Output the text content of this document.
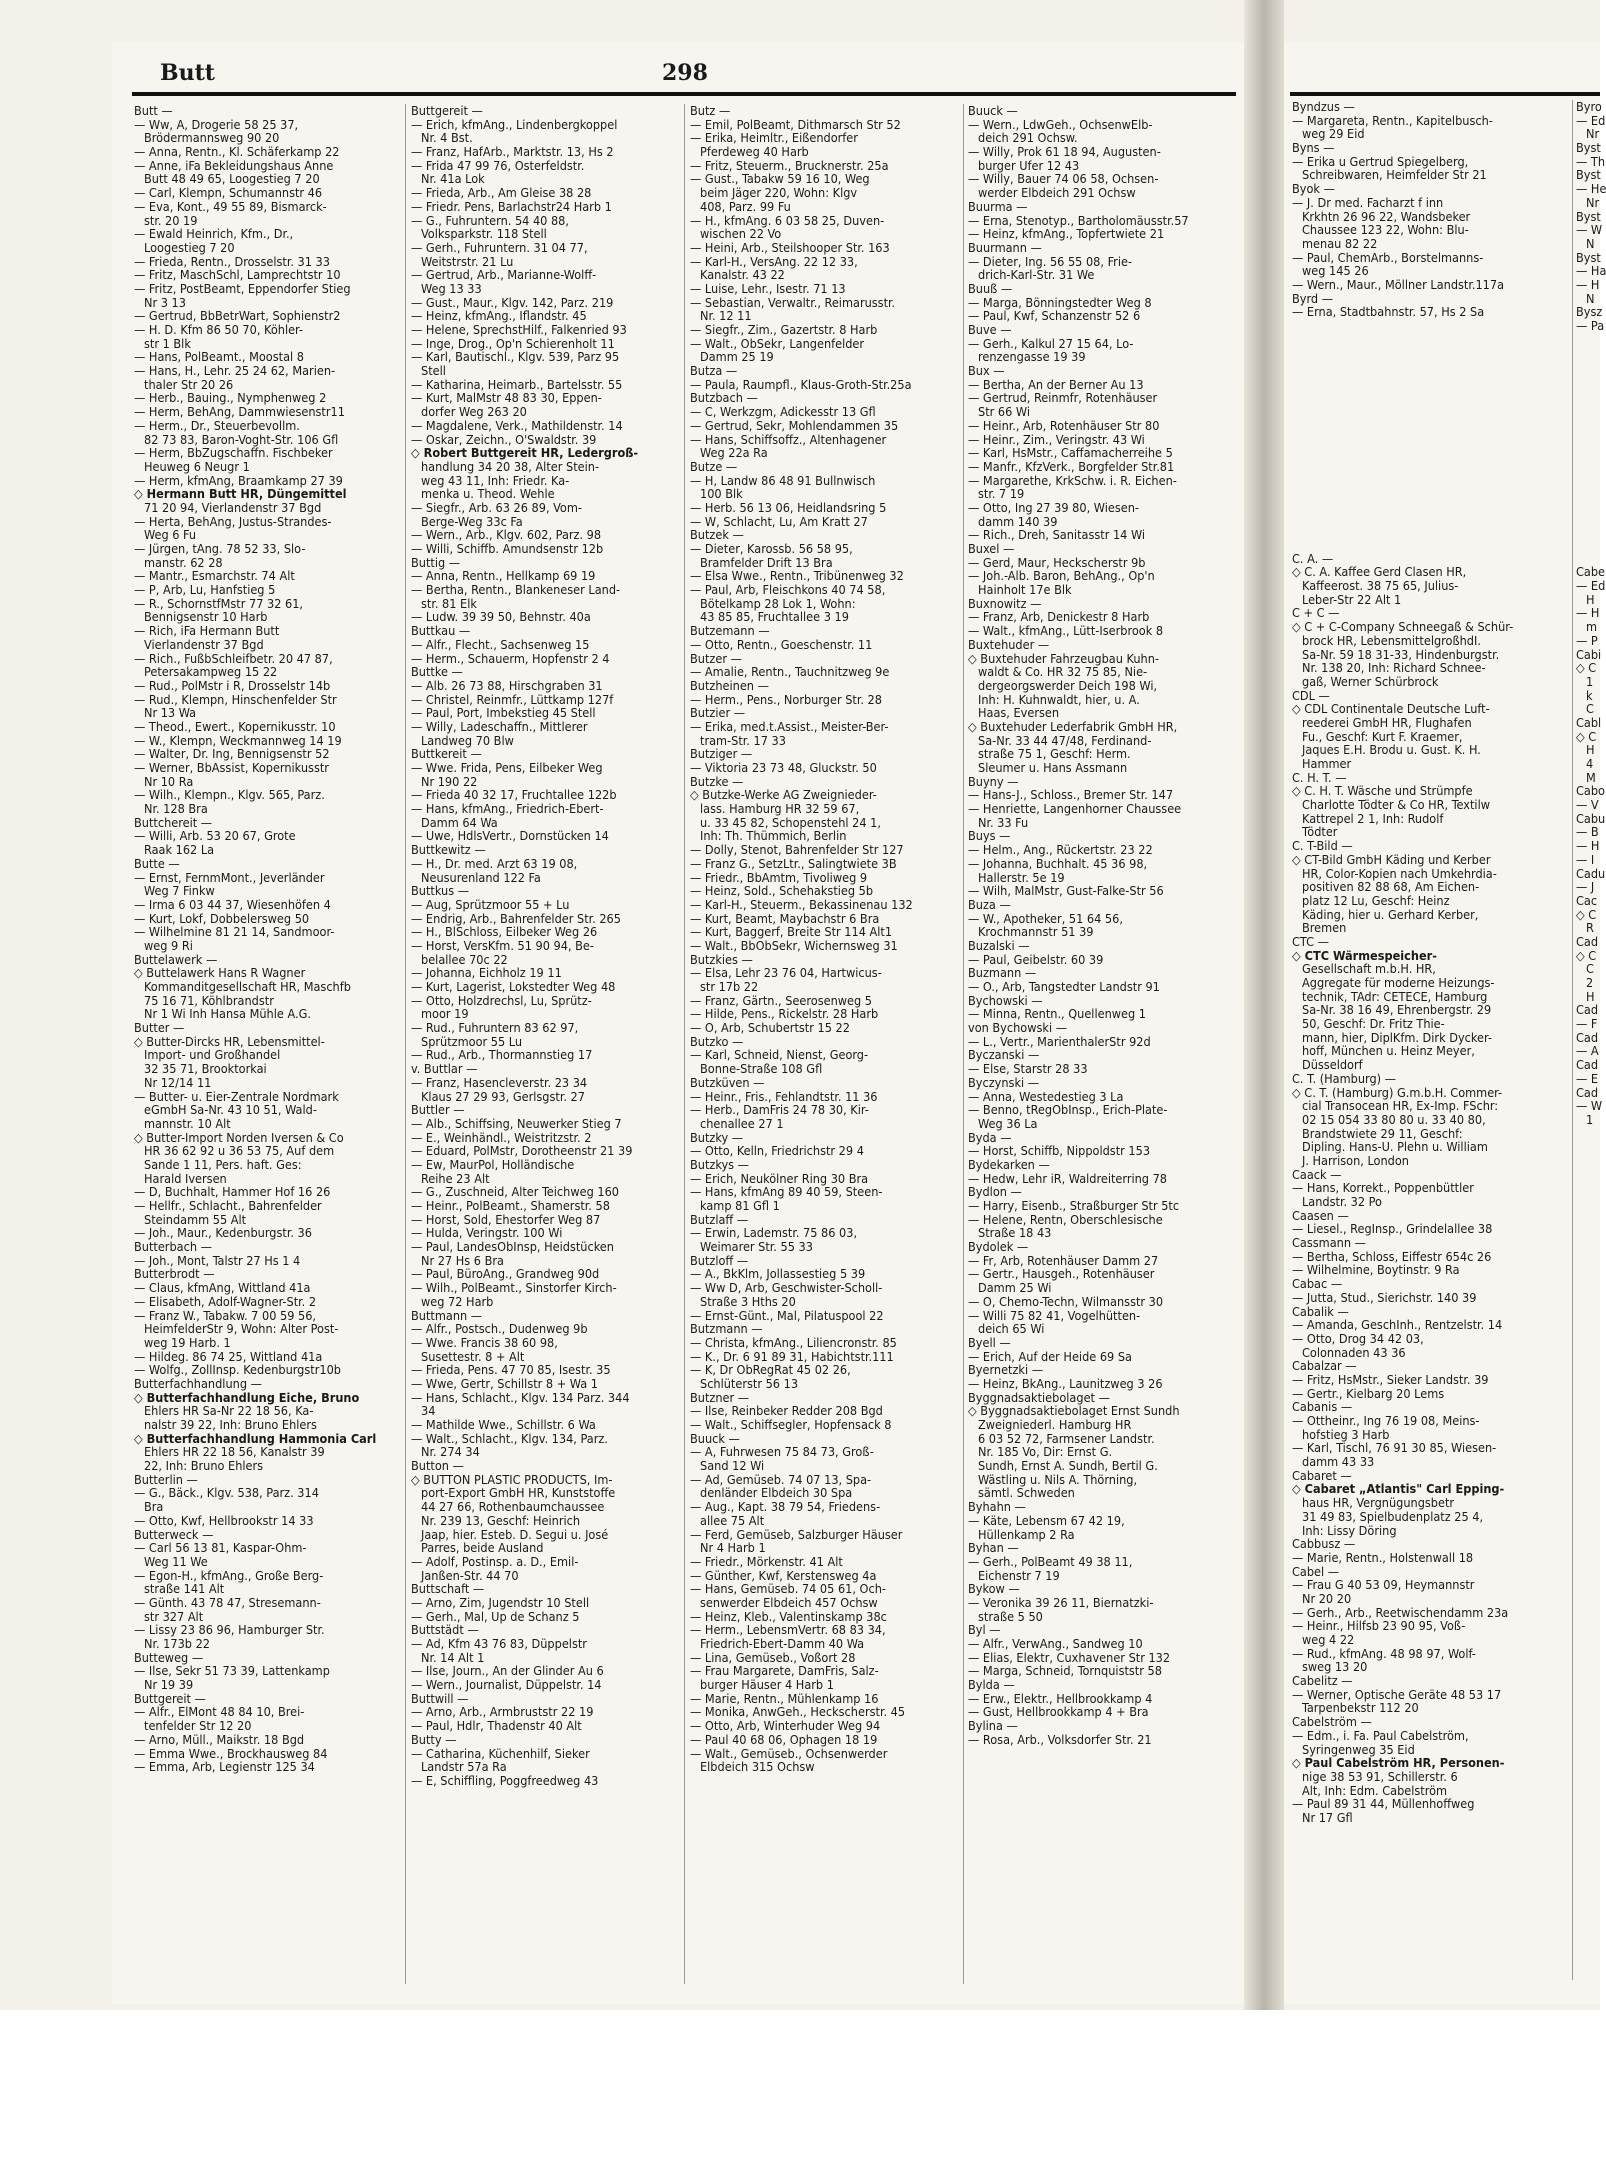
Butt	298
Butt —
— Ww, A, Drogerie 58 25 37,
Brödermannsweg 90 20
— Anna, Rentn., Kl. Schäferkamp 22
— Anne, iFa Bekleidungshaus Anne
Butt 48 49 65, Loogestieg 7 20
— Carl, Klempn, Schumannstr 46
— Eva, Kont., 49 55 89, Bismarck-
str. 20 19
— Ewald Heinrich, Kfm., Dr.,
Loogestieg 7 20
— Frieda, Rentn., Drosselstr. 31 33
— Fritz, MaschSchl, Lamprechtstr 10
— Fritz, PostBeamt, Eppendorfer Stieg
Nr 3 13
— Gertrud, BbBetrWart, Sophienstr2
— H. D. Kfm 86 50 70, Köhler-
str 1 Blk
— Hans, PolBeamt., Moostal 8
— Hans, H., Lehr. 25 24 62, Marien-
thaler Str 20 26
— Herb., Bauing., Nymphenweg 2
— Herm, BehAng, Dammwiesenstr11
— Herm., Dr., Steuerbevollm.
82 73 83, Baron-Voght-Str. 106 Gfl
— Herm, BbZugschaffn. Fischbeker
Heuweg 6 Neugr 1
— Herm, kfmAng, Braamkamp 27 39
◇ Hermann Butt HR, Düngemittel
71 20 94, Vierlandenstr 37 Bgd
— Herta, BehAng, Justus-Strandes-
Weg 6 Fu
— Jürgen, tAng. 78 52 33, Slo-
manstr. 62 28
— Mantr., Esmarchstr. 74 Alt
— P, Arb, Lu, Hanfstieg 5
— R., SchornstfMstr 77 32 61,
Bennigsenstr 10 Harb
— Rich, iFa Hermann Butt
Vierlandenstr 37 Bgd
— Rich., FußbSchleifbetr. 20 47 87,
Petersakampweg 15 22
— Rud., PolMstr i R, Drosselstr 14b
— Rud., Klempn, Hinschenfelder Str
Nr 13 Wa
— Theod., Ewert., Kopernikusstr. 10
— W., Klempn, Weckmannweg 14 19
— Walter, Dr. Ing, Bennigsenstr 52
— Werner, BbAssist, Kopernikusstr
Nr 10 Ra
— Wilh., Klempn., Klgv. 565, Parz.
Nr. 128 Bra
Buttchereit —
— Willi, Arb. 53 20 67, Grote
Raak 162 La
Butte —
— Ernst, FernmMont., Jeverländer
Weg 7 Finkw
— Irma 6 03 44 37, Wiesenhöfen 4
— Kurt, Lokf, Dobbelersweg 50
— Wilhelmine 81 21 14, Sandmoor-
weg 9 Ri
Buttelawerk —
◇ Buttelawerk Hans R Wagner
Kommanditgesellschaft HR, Maschfb
75 16 71, Köhlbrandstr
Nr 1 Wi Inh Hansa Mühle A.G.
Butter —
◇ Butter-Dircks HR, Lebensmittel-
Import- und Großhandel
32 35 71, Brooktorkai
Nr 12/14 11
— Butter- u. Eier-Zentrale Nordmark
eGmbH Sa-Nr. 43 10 51, Wald-
mannstr. 10 Alt
◇ Butter-Import Norden Iversen & Co
HR 36 62 92 u 36 53 75, Auf dem
Sande 1 11, Pers. haft. Ges:
Harald Iversen
— D, Buchhalt, Hammer Hof 16 26
— Hellfr., Schlacht., Bahrenfelder
Steindamm 55 Alt
— Joh., Maur., Kedenburgstr. 36
Butterbach —
— Joh., Mont, Talstr 27 Hs 1 4
Butterbrodt —
— Claus, kfmAng, Wittland 41a
— Elisabeth, Adolf-Wagner-Str. 2
— Franz W., Tabakw. 7 00 59 56,
HeimfelderStr 9, Wohn: Alter Post-
weg 19 Harb. 1
— Hildeg. 86 74 25, Wittland 41a
— Wolfg., ZollInsp. Kedenburgstr10b
Butterfachhandlung —
◇ Butterfachhandlung Eiche, Bruno
Ehlers HR Sa-Nr 22 18 56, Ka-
nalstr 39 22, Inh: Bruno Ehlers
◇ Butterfachhandlung Hammonia Carl
Ehlers HR 22 18 56, Kanalstr 39
22, Inh: Bruno Ehlers
Butterlin —
— G., Bäck., Klgv. 538, Parz. 314
Bra
— Otto, Kwf, Hellbrookstr 14 33
Butterweck —
— Carl 56 13 81, Kaspar-Ohm-
Weg 11 We
— Egon-H., kfmAng., Große Berg-
straße 141 Alt
— Günth. 43 78 47, Stresemann-
str 327 Alt
— Lissy 23 86 96, Hamburger Str.
Nr. 173b 22
Butteweg —
— Ilse, Sekr 51 73 39, Lattenkamp
Nr 19 39
Buttgereit —
— Alfr., ElMont 48 84 10, Brei-
tenfelder Str 12 20
— Arno, Müll., Maikstr. 18 Bgd
— Emma Wwe., Brockhausweg 84
— Emma, Arb, Legienstr 125 34
Buttgereit —
— Erich, kfmAng., Lindenbergkoppel
Nr. 4 Bst.
— Franz, HafArb., Marktstr. 13, Hs 2
— Frida 47 99 76, Osterfeldstr.
Nr. 41a Lok
— Frieda, Arb., Am Gleise 38 28
— Friedr. Pens, Barlachstr24 Harb 1
— G., Fuhruntern. 54 40 88,
Volksparkstr. 118 Stell
— Gerh., Fuhruntern. 31 04 77,
Weitstrstr. 21 Lu
— Gertrud, Arb., Marianne-Wolff-
Weg 13 33
— Gust., Maur., Klgv. 142, Parz. 219
— Heinz, kfmAng., Iflandstr. 45
— Helene, SprechstHilf., Falkenried 93
— Inge, Drog., Op'n Schierenholt 11
— Karl, Bautischl., Klgv. 539, Parz 95
Stell
— Katharina, Heimarb., Bartelsstr. 55
— Kurt, MalMstr 48 83 30, Eppen-
dorfer Weg 263 20
— Magdalene, Verk., Mathildenstr. 14
— Oskar, Zeichn., O'Swaldstr. 39
◇ Robert Buttgereit HR, Ledergroß-
handlung 34 20 38, Alter Stein-
weg 43 11, Inh: Friedr. Ka-
menka u. Theod. Wehle
— Siegfr., Arb. 63 26 89, Vom-
Berge-Weg 33c Fa
— Wern., Arb., Klgv. 602, Parz. 98
— Willi, Schiffb. Amundsenstr 12b
Buttig —
— Anna, Rentn., Hellkamp 69 19
— Bertha, Rentn., Blankeneser Land-
str. 81 Elk
— Ludw. 39 39 50, Behnstr. 40a
Buttkau —
— Alfr., Flecht., Sachsenweg 15
— Herm., Schauerm, Hopfenstr 2 4
Buttke —
— Alb. 26 73 88, Hirschgraben 31
— Christel, Reinmfr., Lüttkamp 127f
— Paul, Port, Imbekstieg 45 Stell
— Willy, Ladeschaffn., Mittlerer
Landweg 70 Blw
Buttkereit —
— Wwe. Frida, Pens, Eilbeker Weg
Nr 190 22
— Frieda 40 32 17, Fruchtallee 122b
— Hans, kfmAng., Friedrich-Ebert-
Damm 64 Wa
— Uwe, HdlsVertr., Dornstücken 14
Buttkewitz —
— H., Dr. med. Arzt 63 19 08,
Neusurenland 122 Fa
Buttkus —
— Aug, Sprützmoor 55 + Lu
— Endrig, Arb., Bahrenfelder Str. 265
— H., BlSchloss, Eilbeker Weg 26
— Horst, VersKfm. 51 90 94, Be-
belallee 70c 22
— Johanna, Eichholz 19 11
— Kurt, Lagerist, Lokstedter Weg 48
— Otto, Holzdrechsl, Lu, Sprütz-
moor 19
— Rud., Fuhruntern 83 62 97,
Sprützmoor 55 Lu
— Rud., Arb., Thormannstieg 17
v. Buttlar —
— Franz, Hasencleverstr. 23 34
Klaus 27 29 93, Gerlsgstr. 27
Buttler —
— Alb., Schiffsing, Neuwerker Stieg 7
— E., Weinhändl., Weistritzstr. 2
— Eduard, PolMstr, Dorotheenstr 21 39
— Ew, MaurPol, Holländische
Reihe 23 Alt
— G., Zuschneid, Alter Teichweg 160
— Heinr., PolBeamt., Shamerstr. 58
— Horst, Sold, Ehestorfer Weg 87
— Hulda, Veringstr. 100 Wi
— Paul, LandesObInsp, Heidstücken
Nr 27 Hs 6 Bra
— Paul, BüroAng., Grandweg 90d
— Wilh., PolBeamt., Sinstorfer Kirch-
weg 72 Harb
Buttmann —
— Alfr., Postsch., Dudenweg 9b
— Wwe. Francis 38 60 98,
Susettestr. 8 + Alt
— Frieda, Pens. 47 70 85, Isestr. 35
— Wwe, Gertr, Schillstr 8 + Wa 1
— Hans, Schlacht., Klgv. 134 Parz. 344
34
— Mathilde Wwe., Schillstr. 6 Wa
— Walt., Schlacht., Klgv. 134, Parz.
Nr. 274 34
Button —
◇ BUTTON PLASTIC PRODUCTS, Im-
port-Export GmbH HR, Kunststoffe
44 27 66, Rothenbaumchaussee
Nr. 239 13, Geschf: Heinrich
Jaap, hier. Esteb. D. Segui u. José
Parres, beide Ausland
— Adolf, Postinsp. a. D., Emil-
Janßen-Str. 44 70
Buttschaft —
— Arno, Zim, Jugendstr 10 Stell
— Gerh., Mal, Up de Schanz 5
Buttstädt —
— Ad, Kfm 43 76 83, Düppelstr
Nr. 14 Alt 1
— Ilse, Journ., An der Glinder Au 6
— Wern., Journalist, Düppelstr. 14
Buttwill —
— Arno, Arb., Armbruststr 22 19
— Paul, Hdlr, Thadenstr 40 Alt
Butty —
— Catharina, Küchenhilf, Sieker
Landstr 57a Ra
— E, Schiffling, Poggfreedweg 43
Butz —
— Emil, PolBeamt, Dithmarsch Str 52
— Erika, Heimltr., Eißendorfer
Pferdeweg 40 Harb
— Fritz, Steuerm., Brucknerstr. 25a
— Gust., Tabakw 59 16 10, Weg
beim Jäger 220, Wohn: Klgv
408, Parz. 99 Fu
— H., kfmAng. 6 03 58 25, Duven-
wischen 22 Vo
— Heini, Arb., Steilshooper Str. 163
— Karl-H., VersAng. 22 12 33,
Kanalstr. 43 22
— Luise, Lehr., Isestr. 71 13
— Sebastian, Verwaltr., Reimarusstr.
Nr. 12 11
— Siegfr., Zim., Gazertstr. 8 Harb
— Walt., ObSekr, Langenfelder
Damm 25 19
Butza —
— Paula, Raumpfl., Klaus-Groth-Str.25a
Butzbach —
— C, Werkzgm, Adickesstr 13 Gfl
— Gertrud, Sekr, Mohlendammen 35
— Hans, Schiffsoffz., Altenhagener
Weg 22a Ra
Butze —
— H, Landw 86 48 91 Bullnwisch
100 Blk
— Herb. 56 13 06, Heidlandsring 5
— W, Schlacht, Lu, Am Kratt 27
Butzek —
— Dieter, Karossb. 56 58 95,
Bramfelder Drift 13 Bra
— Elsa Wwe., Rentn., Tribünenweg 32
— Paul, Arb, Fleischkons 40 74 58,
Bötelkamp 28 Lok 1, Wohn:
43 85 85, Fruchtallee 3 19
Butzemann —
— Otto, Rentn., Goeschenstr. 11
Butzer —
— Amalie, Rentn., Tauchnitzweg 9e
Butzheinen —
— Herm., Pens., Norburger Str. 28
Butzier —
— Erika, med.t.Assist., Meister-Ber-
tram-Str. 17 33
Butziger —
— Viktoria 23 73 48, Gluckstr. 50
Butzke —
◇ Butzke-Werke AG Zweignieder-
lass. Hamburg HR 32 59 67,
u. 33 45 82, Schopenstehl 24 1,
Inh: Th. Thümmich, Berlin
— Dolly, Stenot, Bahrenfelder Str 127
— Franz G., SetzLtr., Salingtwiete 3B
— Friedr., BbAmtm, Tivoliweg 9
— Heinz, Sold., Schehakstieg 5b
— Karl-H., Steuerm., Bekassinenau 132
— Kurt, Beamt, Maybachstr 6 Bra
— Kurt, Baggerf, Breite Str 114 Alt1
— Walt., BbObSekr, Wichernsweg 31
Butzkies —
— Elsa, Lehr 23 76 04, Hartwicus-
str 17b 22
— Franz, Gärtn., Seerosenweg 5
— Hilde, Pens., Rickelstr. 28 Harb
— O, Arb, Schubertstr 15 22
Butzko —
— Karl, Schneid, Nienst, Georg-
Bonne-Straße 108 Gfl
Butzküven —
— Heinr., Fris., Fehlandtstr. 11 36
— Herb., DamFris 24 78 30, Kir-
chenallee 27 1
Butzky —
— Otto, Kelln, Friedrichstr 29 4
Butzkys —
— Erich, Neukölner Ring 30 Bra
— Hans, kfmAng 89 40 59, Steen-
kamp 81 Gfl 1
Butzlaff —
— Erwin, Lademstr. 75 86 03,
Weimarer Str. 55 33
Butzloff —
— A., BkKlm, Jollassestieg 5 39
— Ww D, Arb, Geschwister-Scholl-
Straße 3 Hths 20
— Ernst-Günt., Mal, Pilatuspool 22
Butzmann —
— Christa, kfmAng., Liliencronstr. 85
— K., Dr. 6 91 89 31, Habichtstr.111
— K, Dr ObRegRat 45 02 26,
Schlüterstr 56 13
Butzner —
— Ilse, Reinbeker Redder 208 Bgd
— Walt., Schiffsegler, Hopfensack 8
Buuck —
— A, Fuhrwesen 75 84 73, Groß-
Sand 12 Wi
— Ad, Gemüseb. 74 07 13, Spa-
denländer Elbdeich 30 Spa
— Aug., Kapt. 38 79 54, Friedens-
allee 75 Alt
— Ferd, Gemüseb, Salzburger Häuser
Nr 4 Harb 1
— Friedr., Mörkenstr. 41 Alt
— Günther, Kwf, Kerstensweg 4a
— Hans, Gemüseb. 74 05 61, Och-
senwerder Elbdeich 457 Ochsw
— Heinz, Kleb., Valentinskamp 38c
— Herm., LebensmVertr. 68 83 34,
Friedrich-Ebert-Damm 40 Wa
— Lina, Gemüseb., Voßort 28
— Frau Margarete, DamFris, Salz-
burger Häuser 4 Harb 1
— Marie, Rentn., Mühlenkamp 16
— Monika, AnwGeh., Heckscherstr. 45
— Otto, Arb, Winterhuder Weg 94
— Paul 40 68 06, Ophagen 18 19
— Walt., Gemüseb., Ochsenwerder
Elbdeich 315 Ochsw
Buuck —
— Wern., LdwGeh., OchsenwElb-
deich 291 Ochsw.
— Willy, Prok 61 18 94, Augusten-
burger Ufer 12 43
— Willy, Bauer 74 06 58, Ochsen-
werder Elbdeich 291 Ochsw
Buurma —
— Erna, Stenotyp., Bartholomäusstr.57
— Heinz, kfmAng., Topfertwiete 21
Buurmann —
— Dieter, Ing. 56 55 08, Frie-
drich-Karl-Str. 31 We
Buuß —
— Marga, Bönningstedter Weg 8
— Paul, Kwf, Schanzenstr 52 6
Buve —
— Gerh., Kalkul 27 15 64, Lo-
renzengasse 19 39
Bux —
— Bertha, An der Berner Au 13
— Gertrud, Reinmfr, Rotenhäuser
Str 66 Wi
— Heinr., Arb, Rotenhäuser Str 80
— Heinr., Zim., Veringstr. 43 Wi
— Karl, HsMstr., Caffamacherreihe 5
— Manfr., KfzVerk., Borgfelder Str.81
— Margarethe, KrkSchw. i. R. Eichen-
str. 7 19
— Otto, Ing 27 39 80, Wiesen-
damm 140 39
— Rich., Dreh, Sanitasstr 14 Wi
Buxel —
— Gerd, Maur, Heckscherstr 9b
— Joh.-Alb. Baron, BehAng., Op'n
Hainholt 17e Blk
Buxnowitz —
— Franz, Arb, Denickestr 8 Harb
— Walt., kfmAng., Lütt-Iserbrook 8
Buxtehuder —
◇ Buxtehuder Fahrzeugbau Kuhn-
waldt & Co. HR 32 75 85, Nie-
dergeorgswerder Deich 198 Wi,
Inh: H. Kuhnwaldt, hier, u. A.
Haas, Eversen
◇ Buxtehuder Lederfabrik GmbH HR,
Sa-Nr. 33 44 47/48, Ferdinand-
straße 75 1, Geschf: Herm.
Sleumer u. Hans Assmann
Buyny —
— Hans-J., Schloss., Bremer Str. 147
— Henriette, Langenhorner Chaussee
Nr. 33 Fu
Buys —
— Helm., Ang., Rückertstr. 23 22
— Johanna, Buchhalt. 45 36 98,
Hallerstr. 5e 19
— Wilh, MalMstr, Gust-Falke-Str 56
Buza —
— W., Apotheker, 51 64 56,
Krochmannstr 51 39
Buzalski —
— Paul, Geibelstr. 60 39
Buzmann —
— O., Arb, Tangstedter Landstr 91
Bychowski —
— Minna, Rentn., Quellenweg 1
von Bychowski —
— L., Vertr., MarienthalerStr 92d
Byczanski —
— Else, Starstr 28 33
Byczynski —
— Anna, Westedestieg 3 La
— Benno, tRegObInsp., Erich-Plate-
Weg 36 La
Byda —
— Horst, Schiffb, Nippoldstr 153
Bydekarken —
— Hedw, Lehr iR, Waldreiterring 78
Bydlon —
— Harry, Eisenb., Straßburger Str 5tc
— Helene, Rentn, Oberschlesische
Straße 18 43
Bydolek —
— Fr, Arb, Rotenhäuser Damm 27
— Gertr., Hausgeh., Rotenhäuser
Damm 25 Wi
— O, Chemo-Techn, Wilmansstr 30
— Willi 75 82 41, Vogelhütten-
deich 65 Wi
Byell —
— Erich, Auf der Heide 69 Sa
Byernetzki —
— Heinz, BkAng., Launitzweg 3 26
Byggnadsaktiebolaget —
◇ Byggnadsaktiebolaget Ernst Sundh
Zweigniederl. Hamburg HR
6 03 52 72, Farmsener Landstr.
Nr. 185 Vo, Dir: Ernst G.
Sundh, Ernst A. Sundh, Bertil G.
Wästling u. Nils A. Thörning,
sämtl. Schweden
Byhahn —
— Käte, Lebensm 67 42 19,
Hüllenkamp 2 Ra
Byhan —
— Gerh., PolBeamt 49 38 11,
Eichenstr 7 19
Bykow —
— Veronika 39 26 11, Biernatzki-
straße 5 50
Byl —
— Alfr., VerwAng., Sandweg 10
— Elias, Elektr, Cuxhavener Str 132
— Marga, Schneid, Tornquiststr 58
Bylda —
— Erw., Elektr., Hellbrookkamp 4
— Gust, Hellbrookkamp 4 + Bra
Bylina —
— Rosa, Arb., Volksdorfer Str. 21
Byndzus —
— Margareta, Rentn., Kapitelbusch-
weg 29 Eid
Byns —
— Erika u Gertrud Spiegelberg,
Schreibwaren, Heimfelder Str 21
Byok —
— J. Dr med. Facharzt f inn
Krkhtn 26 96 22, Wandsbeker
Chaussee 123 22, Wohn: Blu-
menau 82 22
— Paul, ChemArb., Borstelmanns-
weg 145 26
— Wern., Maur., Möllner Landstr.117a
Byrd —
— Erna, Stadtbahnstr. 57, Hs 2 Sa
C. A. —
◇ C. A. Kaffee Gerd Clasen HR,
Kaffeerost. 38 75 65, Julius-
Leber-Str 22 Alt 1
C + C —
◇ C + C-Company Schneegaß & Schür-
brock HR, LebensmittelgroßhdI.
Sa-Nr. 59 18 31-33, Hindenburgstr.
Nr. 138 20, Inh: Richard Schnee-
gaß, Werner Schürbrock
CDL —
◇ CDL Continentale Deutsche Luft-
reederei GmbH HR, Flughafen
Fu., Geschf: Kurt F. Kraemer,
Jaques E.H. Brodu u. Gust. K. H.
Hammer
C. H. T. —
◇ C. H. T. Wäsche und Strümpfe
Charlotte Tödter & Co HR, Textilw
Kattrepel 2 1, Inh: Rudolf
Tödter
C. T-Bild —
◇ CT-Bild GmbH Käding und Kerber
HR, Color-Kopien nach Umkehrdia-
positiven 82 88 68, Am Eichen-
platz 12 Lu, Geschf: Heinz
Käding, hier u. Gerhard Kerber,
Bremen
CTC —
◇ CTC Wärmespeicher-
Gesellschaft m.b.H. HR,
Aggregate für moderne Heizungs-
technik, TAdr: CETECE, Hamburg
Sa-Nr. 38 16 49, Ehrenbergstr. 29
50, Geschf: Dr. Fritz Thie-
mann, hier, DiplKfm. Dirk Dycker-
hoff, München u. Heinz Meyer,
Düsseldorf
C. T. (Hamburg) —
◇ C. T. (Hamburg) G.m.b.H. Commer-
cial Transocean HR, Ex-Imp. FSchr:
02 15 054 33 80 80 u. 33 40 80,
Brandstwiete 29 11, Geschf:
Dipling. Hans-U. Plehn u. William
J. Harrison, London
Caack —
— Hans, Korrekt., Poppenbüttler
Landstr. 32 Po
Caasen —
— Liesel., RegInsp., Grindelallee 38
Cassmann —
— Bertha, Schloss, Eiffestr 654c 26
— Wilhelmine, Boytinstr. 9 Ra
Cabac —
— Jutta, Stud., Sierichstr. 140 39
Cabalik —
— Amanda, GeschInh., Rentzelstr. 14
— Otto, Drog 34 42 03,
Colonnaden 43 36
Cabalzar —
— Fritz, HsMstr., Sieker Landstr. 39
— Gertr., Kielbarg 20 Lems
Cabanis —
— Ottheinr., Ing 76 19 08, Meins-
hofstieg 3 Harb
— Karl, Tischl, 76 91 30 85, Wiesen-
damm 43 33
Cabaret —
◇ Cabaret „Atlantis" Carl Epping-
haus HR, Vergnügungsbetr
31 49 83, Spielbudenplatz 25 4,
Inh: Lissy Döring
Cabbusz —
— Marie, Rentn., Holstenwall 18
Cabel —
— Frau G 40 53 09, Heymannstr
Nr 20 20
— Gerh., Arb., Reetwischendamm 23a
— Heinr., Hilfsb 23 90 95, Voß-
weg 4 22
— Rud., kfmAng. 48 98 97, Wolf-
sweg 13 20
Cabelitz —
— Werner, Optische Geräte 48 53 17
Tarpenbekstr 112 20
Cabelström —
— Edm., i. Fa. Paul Cabelström,
Syringenweg 35 Eid
◇ Paul Cabelström HR, Personen-
nige 38 53 91, Schillerstr. 6
Alt, Inh: Edm. Cabelström
— Paul 89 31 44, Müllenhoffweg
Nr 17 Gfl
Byro
— Ed
Nr
Byst
— Th
Byst
— He
Nr
Byst
— W
N
Byst
— Ha
— H
N
Bysz
— Pa
Cabe
— Ed
H
— H
m
— P
Cabi
◇ C
1
k
C
Cabl
◇ C
H
4
M
Cabo
— V
Cabu
— B
— H
— I
Cadu
— J
Cac
◇ C
R
Cad
◇ C
C
2
H
Cad
— F
Cad
— A
Cad
— E
Cad
— W
1
